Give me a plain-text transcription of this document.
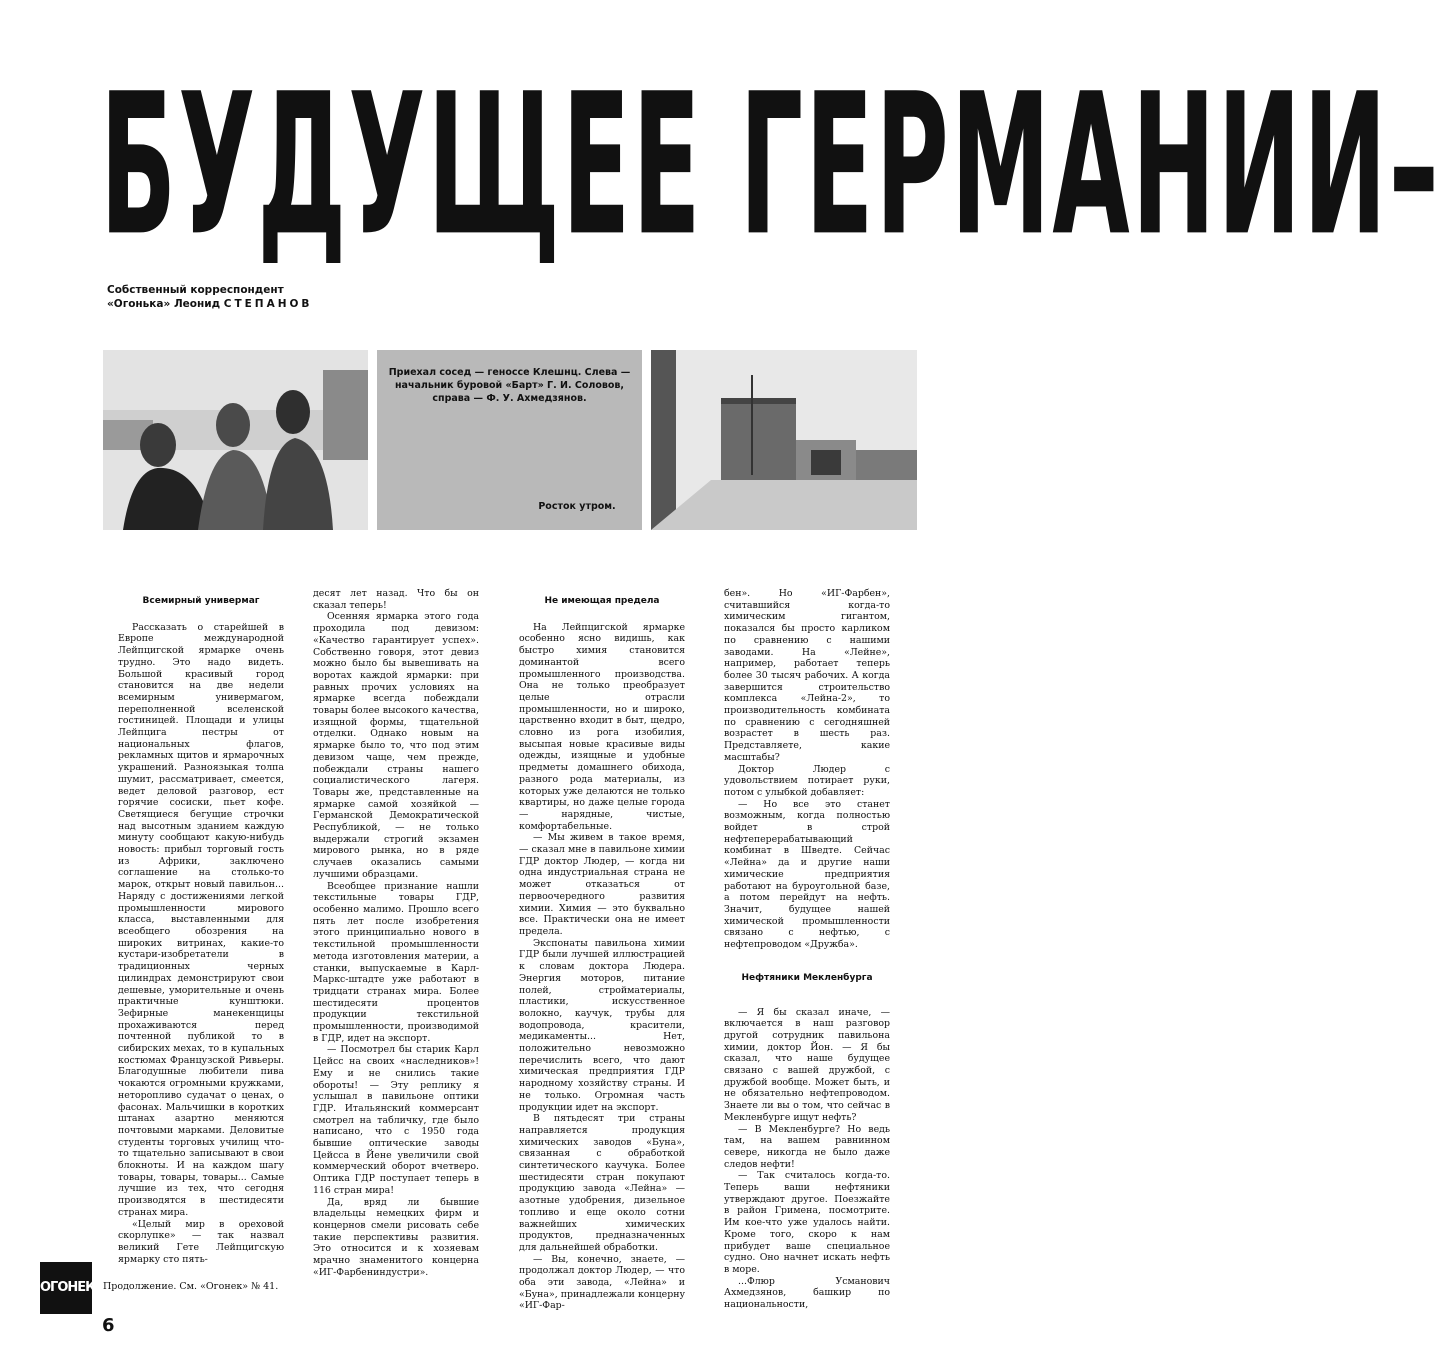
БУДУЩЕЕ ГЕРМАНИИ–
Собственный корреспондент
«Огонька» Леонид СТЕПАНОВ
Приехал сосед — геноссе Клешнц. Слева — начальник буровой «Барт» Г. И. Соловов, справа — Ф. У. Ахмедзянов.
Росток утром.
Всемирный универмаг

Рассказать о старейшей в Европе международной Лейпцигской ярмарке очень трудно. Это надо видеть. Большой красивый город становится на две недели всемирным универмагом, переполненной вселенской гостиницей. Площади и улицы Лейпцига пестры от национальных флагов, рекламных щитов и ярмарочных украшений. Разноязыкая толпа шумит, рассматривает, смеется, ведет деловой разговор, ест горячие сосиски, пьет кофе. Светящиеся бегущие строчки над высотным зданием каждую минуту сообщают какую-нибудь новость: прибыл торговый гость из Африки, заключено соглашение на столько-то марок, открыт новый павильон... Наряду с достижениями легкой промышленности мирового класса, выставленными для всеобщего обозрения на широких витринах, какие-то кустари-изобретатели в традиционных черных цилиндрах демонстрируют свои дешевые, уморительные и очень практичные кунштюки. Зефирные манекенщицы прохаживаются перед почтенной публикой то в сибирских мехах, то в купальных костюмах Французской Ривьеры. Благодушные любители пива чокаются огромными кружками, неторопливо судачат о ценах, о фасонах. Мальчишки в коротких штанах азартно меняются почтовыми марками. Деловитые студенты торговых училищ что-то тщательно записывают в свои блокноты. И на каждом шагу товары, товары, товары... Самые лучшие из тех, что сегодня производятся в шестидесяти странах мира.

«Целый мир в ореховой скорлупке» — так назвал великий Гете Лейпцигскую ярмарку сто пять-

десят лет назад. Что бы он сказал теперь!

Осенняя ярмарка этого года проходила под девизом: «Качество гарантирует успех». Собственно говоря, этот девиз можно было бы вывешивать на воротах каждой ярмарки: при равных прочих условиях на ярмарке всегда побеждали товары более высокого качества, изящной формы, тщательной отделки. Однако новым на ярмарке было то, что под этим девизом чаще, чем прежде, побеждали страны нашего социалистического лагеря. Товары же, представленные на ярмарке самой хозяйкой — Германской Демократической Республикой, — не только выдержали строгий экзамен мирового рынка, но в ряде случаев оказались самыми лучшими образцами.

Всеобщее признание нашли текстильные товары ГДР, особенно малимо. Прошло всего пять лет после изобретения этого принципиально нового в текстильной промышленности метода изготовления материи, а станки, выпускаемые в Карл-Маркс-штадте уже работают в тридцати странах мира. Более шестидесяти процентов продукции текстильной промышленности, производимой в ГДР, идет на экспорт.

— Посмотрел бы старик Карл Цейсс на своих «наследников»! Ему и не снились такие обороты! — Эту реплику я услышал в павильоне оптики ГДР. Итальянский коммерсант смотрел на табличку, где было написано, что с 1950 года бывшие оптические заводы Цейсса в Йене увеличили свой коммерческий оборот вчетверо. Оптика ГДР поступает теперь в 116 стран мира!

Да, вряд ли бывшие владельцы немецких фирм и концернов смели рисовать себе такие перспективы развития. Это относится и к хозяевам мрачно знаменитого концерна «ИГ-Фарбениндустри».

Не имеющая предела

На Лейпцигской ярмарке особенно ясно видишь, как быстро химия становится доминантой всего промышленного производства. Она не только преобразует целые отрасли промышленности, но и широко, царственно входит в быт, щедро, словно из рога изобилия, высыпая новые красивые виды одежды, изящные и удобные предметы домашнего обихода, разного рода материалы, из которых уже делаются не только квартиры, но даже целые города — нарядные, чистые, комфортабельные.

— Мы живем в такое время, — сказал мне в павильоне химии ГДР доктор Людер, — когда ни одна индустриальная страна не может отказаться от первоочередного развития химии. Химия — это буквально все. Практически она не имеет предела.

Экспонаты павильона химии ГДР были лучшей иллюстрацией к словам доктора Людера. Энергия моторов, питание полей, стройматериалы, пластики, искусственное волокно, каучук, трубы для водопровода, красители, медикаменты... Нет, положительно невозможно перечислить всего, что дают химическая предприятия ГДР народному хозяйству страны. И не только. Огромная часть продукции идет на экспорт.

В пятьдесят три страны направляется продукция химических заводов «Буна», связанная с обработкой синтетического каучука. Более шестидесяти стран покупают продукцию завода «Лейна» — азотные удобрения, дизельное топливо и еще около сотни важнейших химических продуктов, предназначенных для дальнейшей обработки.

— Вы, конечно, знаете, — продолжал доктор Людер, — что оба эти завода, «Лейна» и «Буна», принадлежали концерну «ИГ-Фар-

бен». Но «ИГ-Фарбен», считавшийся когда-то химическим гигантом, показался бы просто карликом по сравнению с нашими заводами. На «Лейне», например, работает теперь более 30 тысяч рабочих. А когда завершится строительство комплекса «Лейна-2», то производительность комбината по сравнению с сегодняшней возрастет в шесть раз. Представляете, какие масштабы?

Доктор Людер с удовольствием потирает руки, потом с улыбкой добавляет:

— Но все это станет возможным, когда полностью войдет в строй нефтеперерабатывающий комбинат в Шведте. Сейчас «Лейна» да и другие наши химические предприятия работают на буроугольной базе, а потом перейдут на нефть. Значит, будущее нашей химической промышленности связано с нефтью, с нефтепроводом «Дружба».

Нефтяники Мекленбурга

— Я бы сказал иначе, — включается в наш разговор другой сотрудник павильона химии, доктор Йон. — Я бы сказал, что наше будущее связано с вашей дружбой, с дружбой вообще. Может быть, и не обязательно нефтепроводом. Знаете ли вы о том, что сейчас в Мекленбурге ищут нефть?

— В Мекленбурге? Но ведь там, на вашем равнинном севере, никогда не было даже следов нефти!

— Так считалось когда-то. Теперь ваши нефтяники утверждают другое. Поезжайте в район Гримена, посмотрите. Им кое-что уже удалось найти. Кроме того, скоро к нам прибудет ваше специальное судно. Оно начнет искать нефть в море.

...Флюр Усманович Ахмедзянов, башкир по национальности,

ОГОНЕК Продолжение. См. «Огонек» № 41.
6
